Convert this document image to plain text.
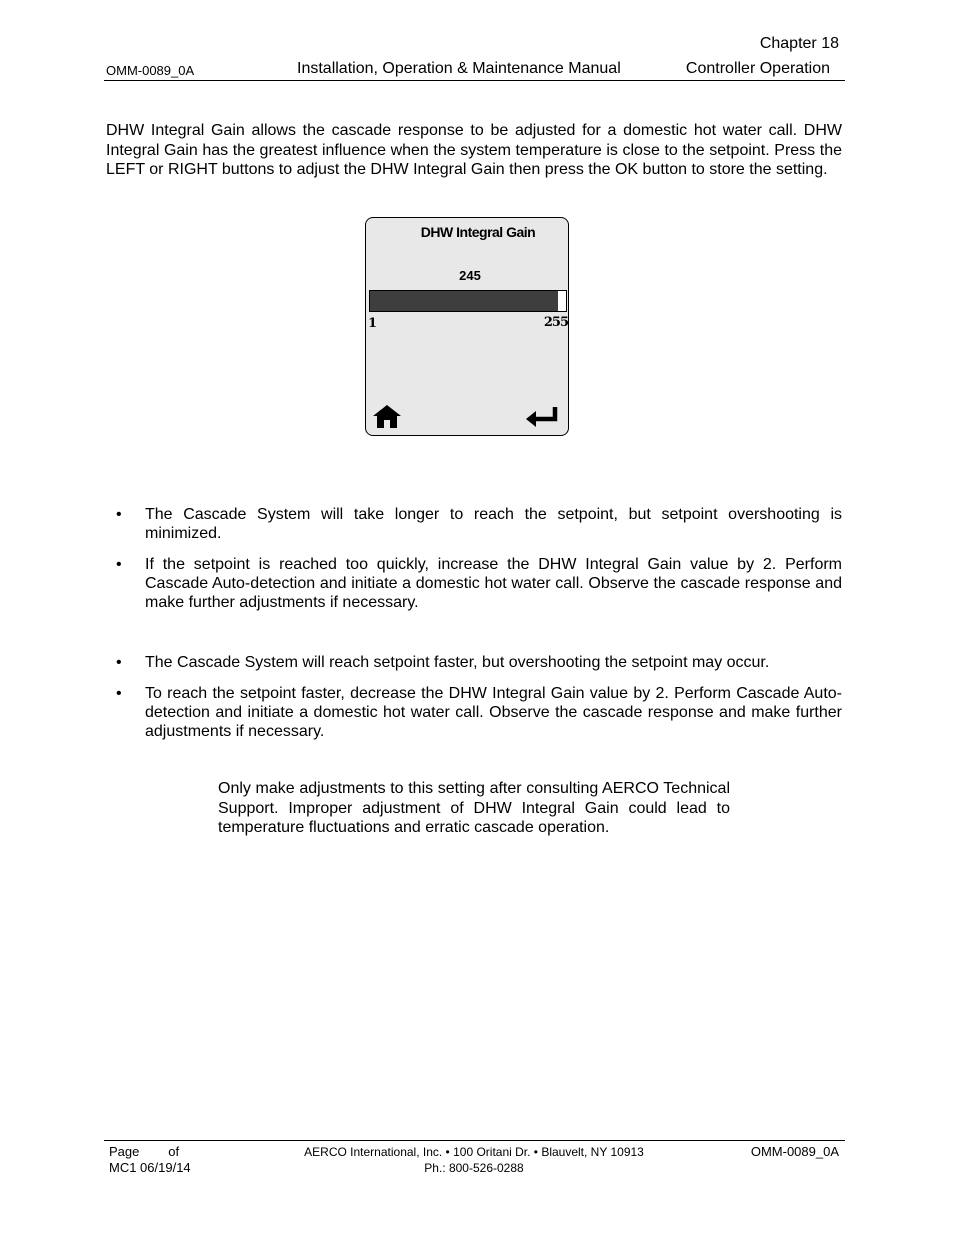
Chapter 18
OMM-0089_0A	Installation, Operation & Maintenance Manual	Controller Operation
DHW Integral Gain allows the cascade response to be adjusted for a domestic hot water call. DHW Integral Gain has the greatest influence when the system temperature is close to the setpoint. Press the LEFT or RIGHT buttons to adjust the DHW Integral Gain then press the OK button to store the setting.
DHW Integral Gain
245
1	255
• The Cascade System will take longer to reach the setpoint, but setpoint overshooting is minimized.
• If the setpoint is reached too quickly, increase the DHW Integral Gain value by 2. Perform Cascade Auto-detection and initiate a domestic hot water call. Observe the cascade response and make further adjustments if necessary.
• The Cascade System will reach setpoint faster, but overshooting the setpoint may occur.
• To reach the setpoint faster, decrease the DHW Integral Gain value by 2. Perform Cascade Auto-detection and initiate a domestic hot water call. Observe the cascade response and make further adjustments if necessary.
Only make adjustments to this setting after consulting AERCO Technical Support. Improper adjustment of DHW Integral Gain could lead to temperature fluctuations and erratic cascade operation.
Page        of
MC1 06/19/14
AERCO International, Inc. • 100 Oritani Dr. • Blauvelt, NY 10913
Ph.: 800-526-0288
OMM-0089_0A
